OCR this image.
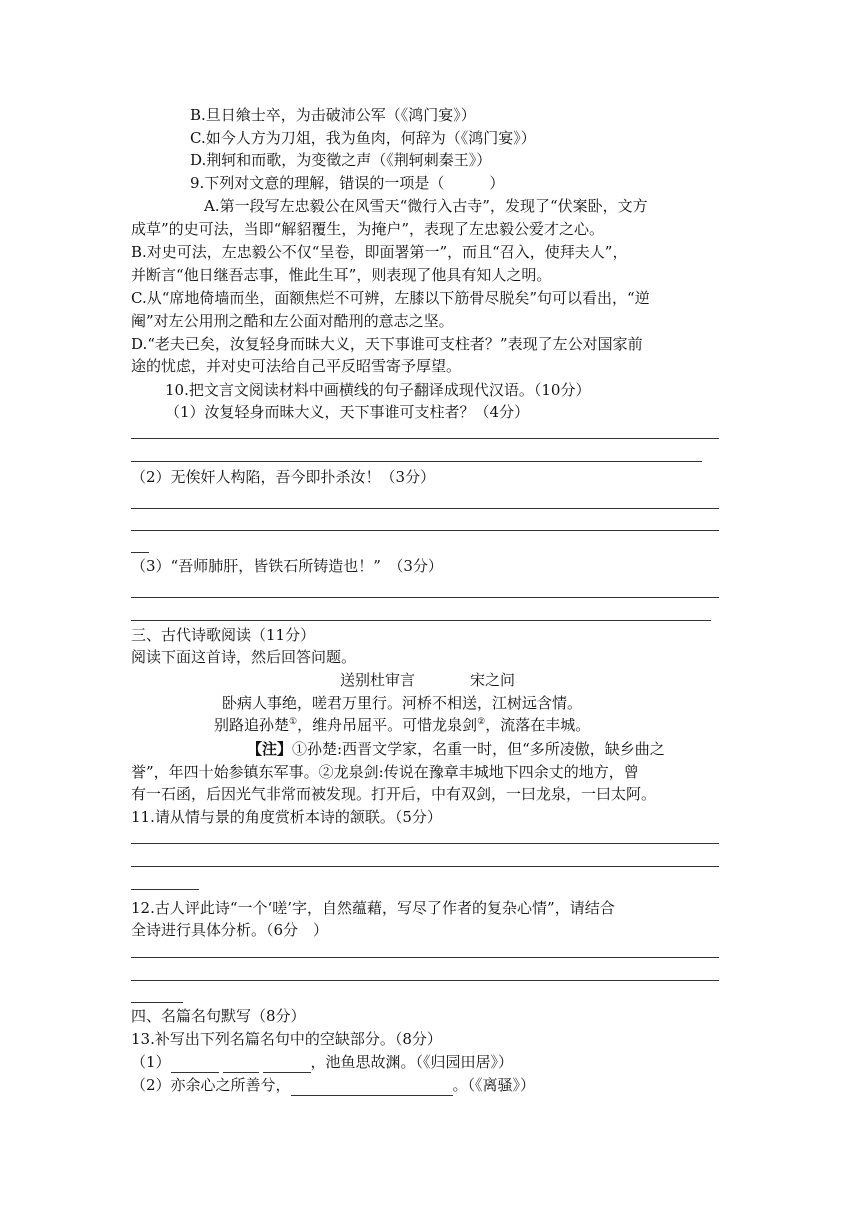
B.旦日飨士卒，为击破沛公军（《鸿门宴》）
C.如今人方为刀俎，我为鱼肉，何辞为（《鸿门宴》）
D.荆轲和而歌，为变徵之声（《荆轲刺秦王》）
9.下列对文意的理解，错误的一项是（　　　）
A.第一段写左忠毅公在风雪天“微行入古寺”，发现了“伏案卧，文方
成草”的史可法，当即“解貂覆生，为掩户”，表现了左忠毅公爱才之心。
B.对史可法，左忠毅公不仅“呈卷，即面署第一”，而且“召入，使拜夫人”，
并断言“他日继吾志事，惟此生耳”，则表现了他具有知人之明。
C.从“席地倚墙而坐，面额焦烂不可辨，左膝以下筋骨尽脱矣”句可以看出，“逆
阉”对左公用刑之酷和左公面对酷刑的意志之坚。
D.“老夫已矣，汝复轻身而昧大义，天下事谁可支柱者？”表现了左公对国家前
途的忧虑，并对史可法给自己平反昭雪寄予厚望。
10.把文言文阅读材料中画横线的句子翻译成现代汉语。（10分）
（1）汝复轻身而昧大义，天下事谁可支柱者？（4分）
（2）无俟奸人构陷，吾今即扑杀汝！（3分）
（3）“吾师肺肝，皆铁石所铸造也！”　（3分）
三、古代诗歌阅读（11分）
阅读下面这首诗，然后回答问题。
送别杜审言	宋之问
卧病人事绝，嗟君万里行。河桥不相送，江树远含情。
别路追孙楚①，维舟吊屈平。可惜龙泉剑②，流落在丰城。
【注】①孙楚:西晋文学家，名重一时，但“多所凌傲，缺乡曲之
誉”，年四十始参镇东军事。②龙泉剑:传说在豫章丰城地下四余丈的地方，曾
有一石函，后因光气非常而被发现。打开后，中有双剑，一曰龙泉，一曰太阿。
11.请从情与景的角度赏析本诗的颔联。（5分）
12.古人评此诗“一个‘嗟’字，自然蕴藉，写尽了作者的复杂心情”，请结合
全诗进行具体分析。（6分　）
四、名篇名句默写（8分）
13.补写出下列名篇名句中的空缺部分。（8分）
（1）	，池鱼思故渊。（《归园田居》）
（2）亦余心之所善兮，	。（《离骚》）
